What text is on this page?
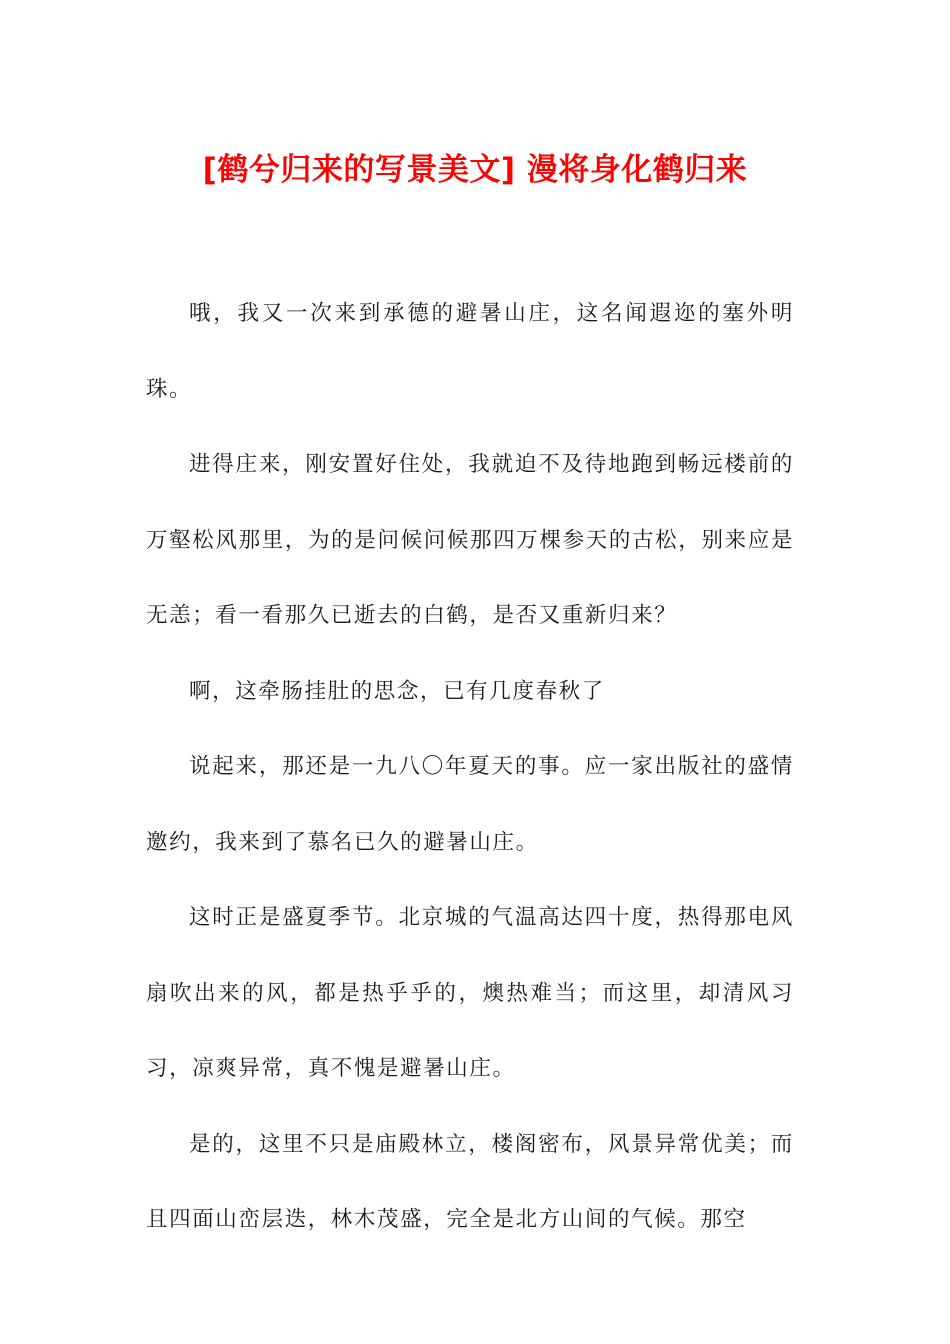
[鹤兮归来的写景美文] 漫将身化鹤归来

哦，我又一次来到承德的避暑山庄，这名闻遐迩的塞外明珠。

进得庄来，刚安置好住处，我就迫不及待地跑到畅远楼前的万壑松风那里，为的是问候问候那四万棵参天的古松，别来应是无恙；看一看那久已逝去的白鹤，是否又重新归来？

啊，这牵肠挂肚的思念，已有几度春秋了

说起来，那还是一九八〇年夏天的事。应一家出版社的盛情邀约，我来到了慕名已久的避暑山庄。

这时正是盛夏季节。北京城的气温高达四十度，热得那电风扇吹出来的风，都是热乎乎的，燠热难当；而这里，却清风习习，凉爽异常，真不愧是避暑山庄。

是的，这里不只是庙殿林立，楼阁密布，风景异常优美；而且四面山峦层迭，林木茂盛，完全是北方山间的气候。那空
